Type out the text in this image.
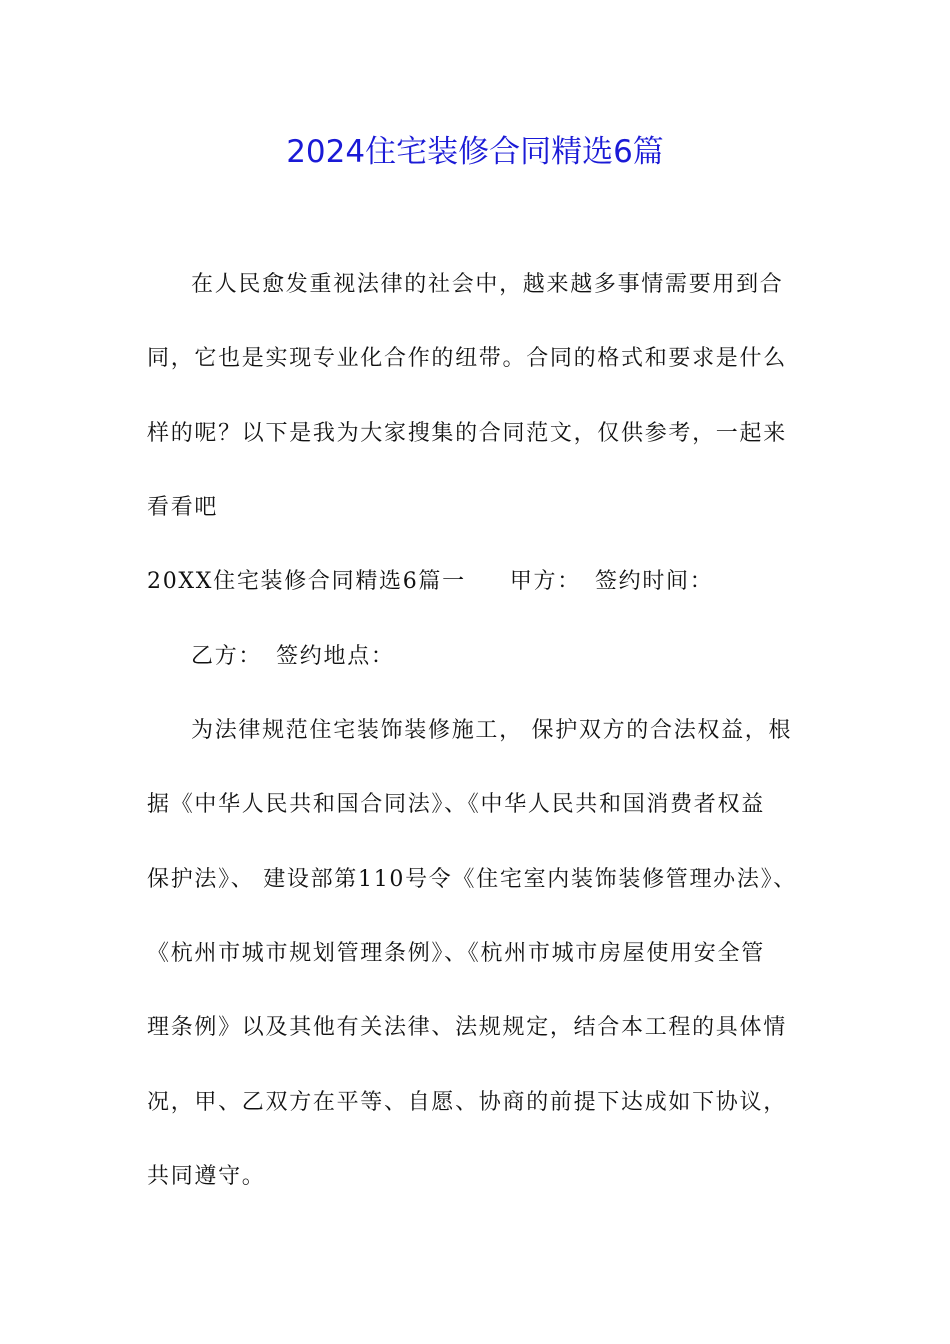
2024住宅装修合同精选6篇
在人民愈发重视法律的社会中，越来越多事情需要用到合
同，它也是实现专业化合作的纽带。合同的格式和要求是什么
样的呢？以下是我为大家搜集的合同范文，仅供参考，一起来
看看吧
20XX住宅装修合同精选6篇一 甲方： 签约时间：
乙方： 签约地点：
为法律规范住宅装饰装修施工， 保护双方的合法权益，根
据《中华人民共和国合同法》、《中华人民共和国消费者权益
保护法》、 建设部第110号令《住宅室内装饰装修管理办法》、
《杭州市城市规划管理条例》、《杭州市城市房屋使用安全管
理条例》以及其他有关法律、法规规定，结合本工程的具体情
况，甲、乙双方在平等、自愿、协商的前提下达成如下协议，
共同遵守。
